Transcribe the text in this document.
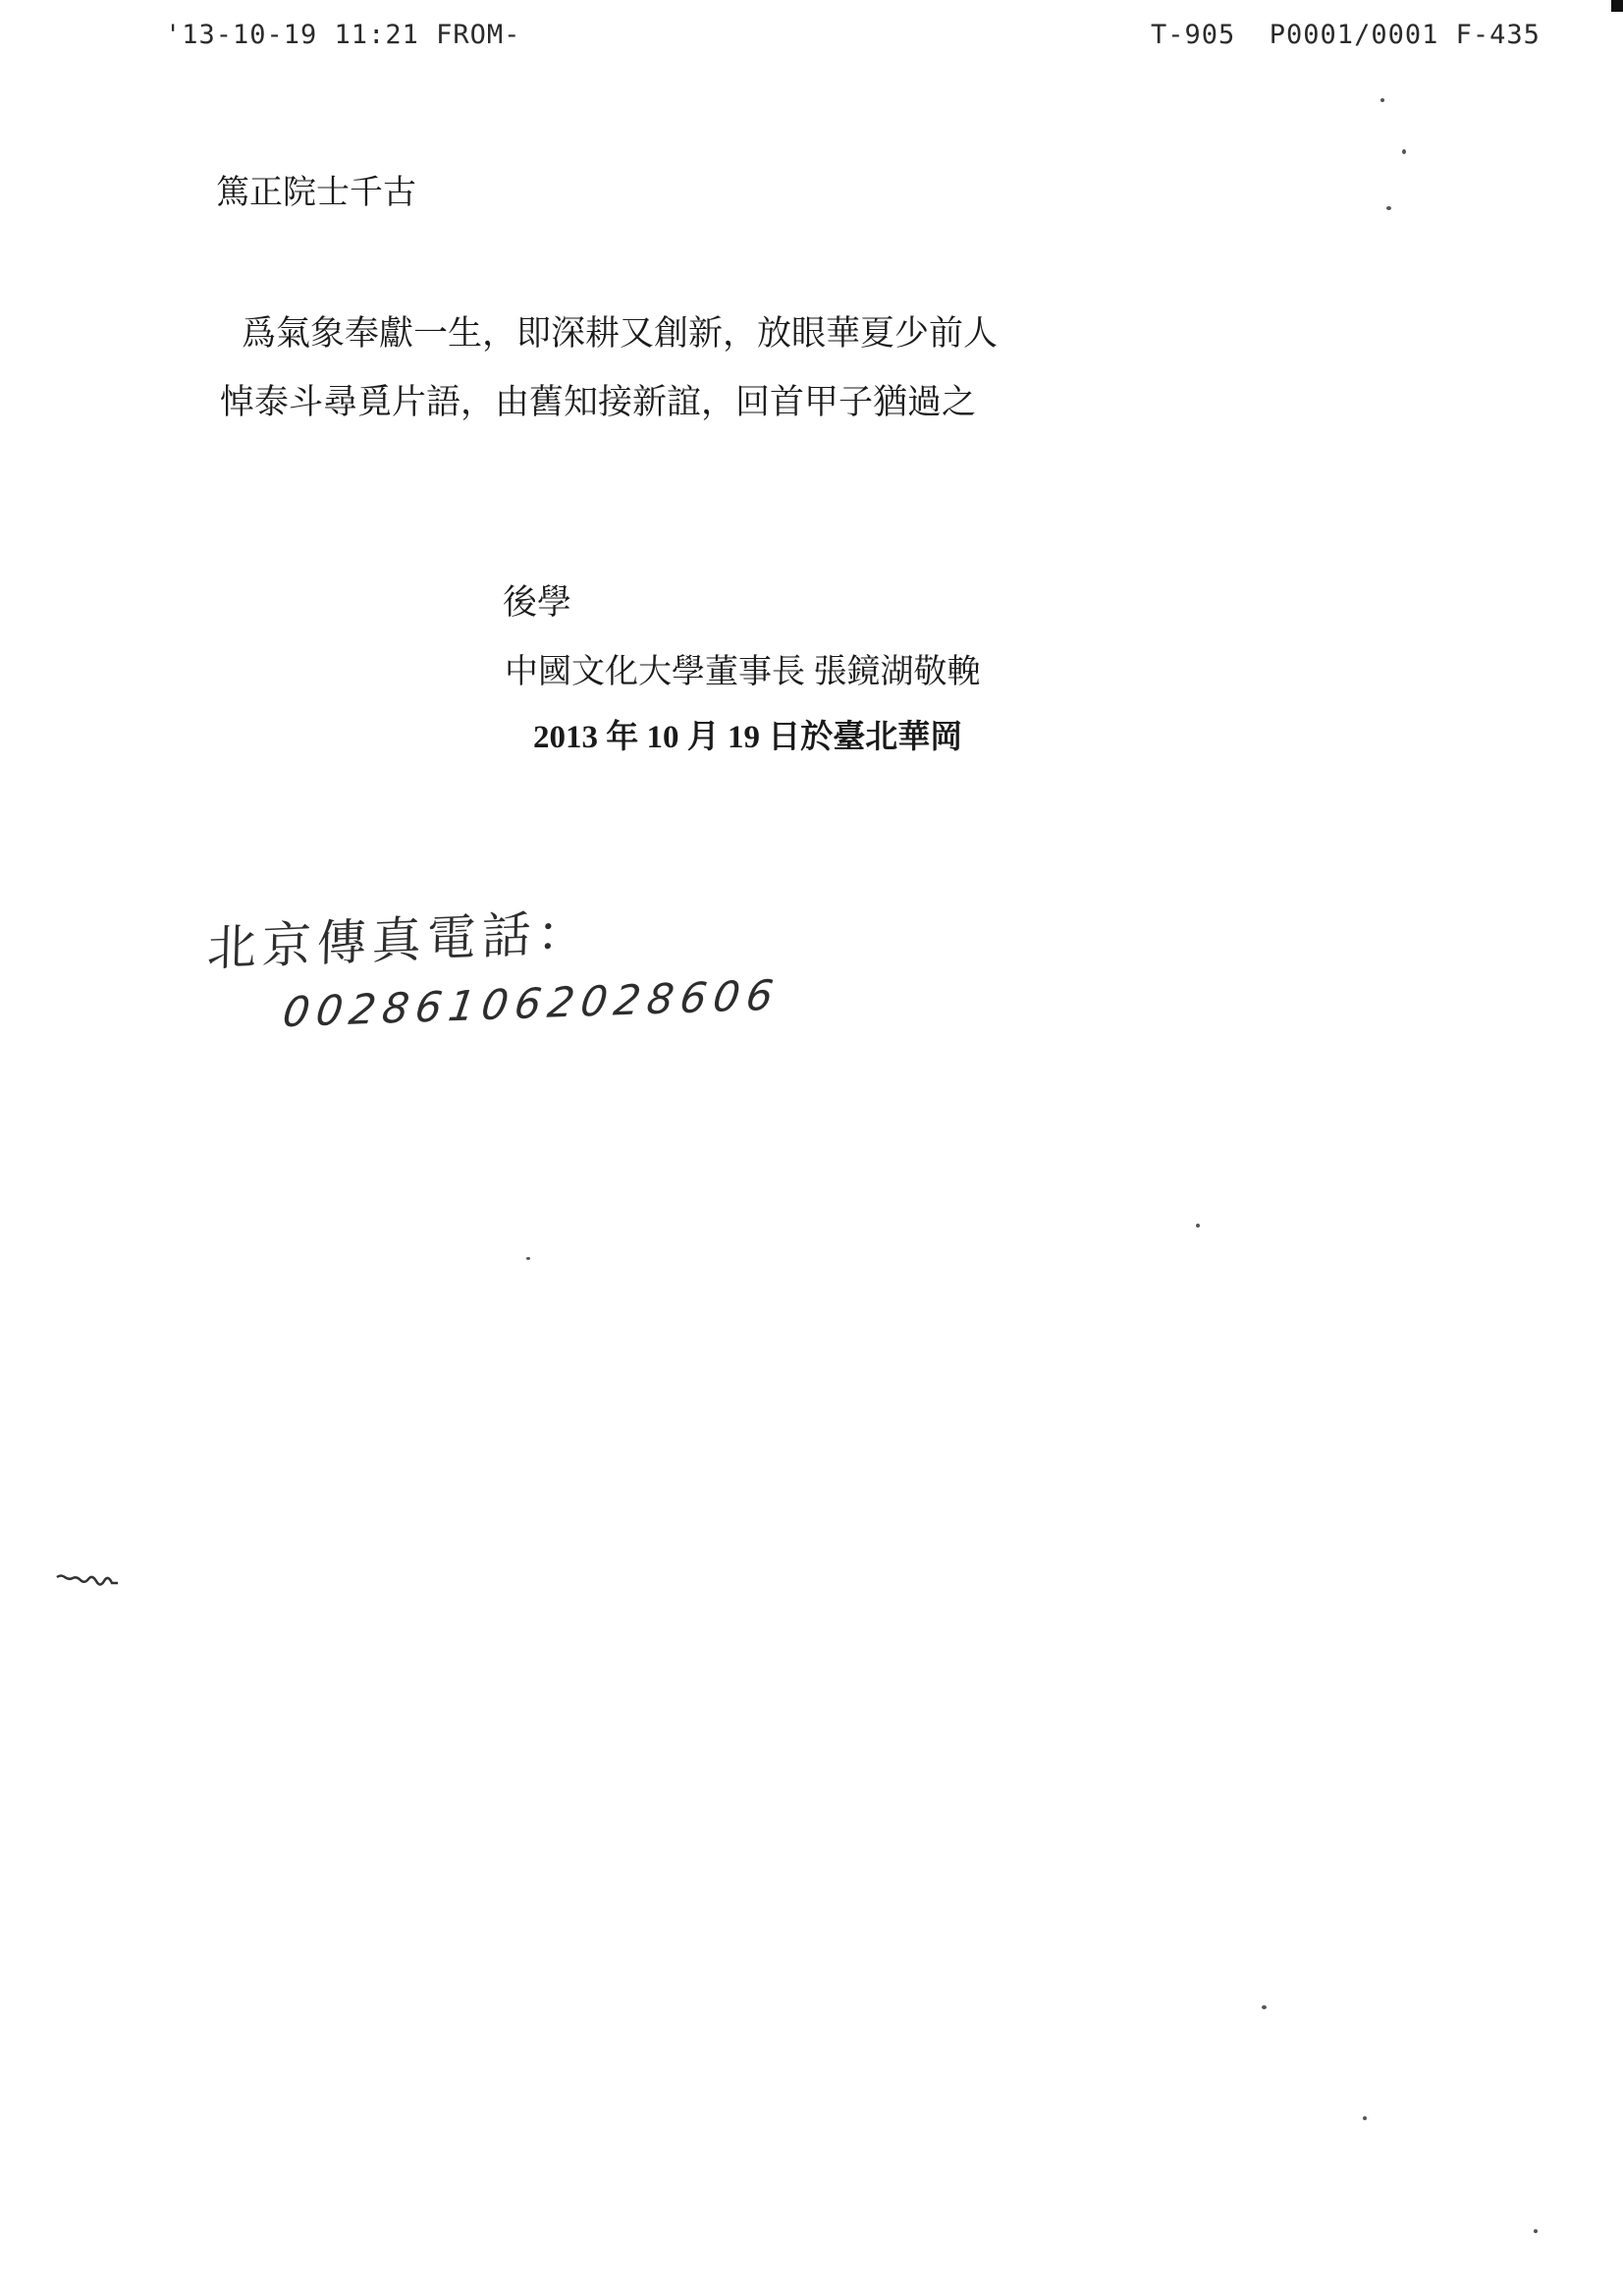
'13-10-19 11:21 FROM-	T-905  P0001/0001 F-435
篤正院士千古
爲氣象奉獻一生，即深耕又創新，放眼華夏少前人
悼泰斗尋覓片語，由舊知接新誼，回首甲子猶過之
後學
中國文化大學董事長 張鏡湖敬輓
2013 年 10 月 19 日於臺北華岡
北京傳真電話：
002861062028606
